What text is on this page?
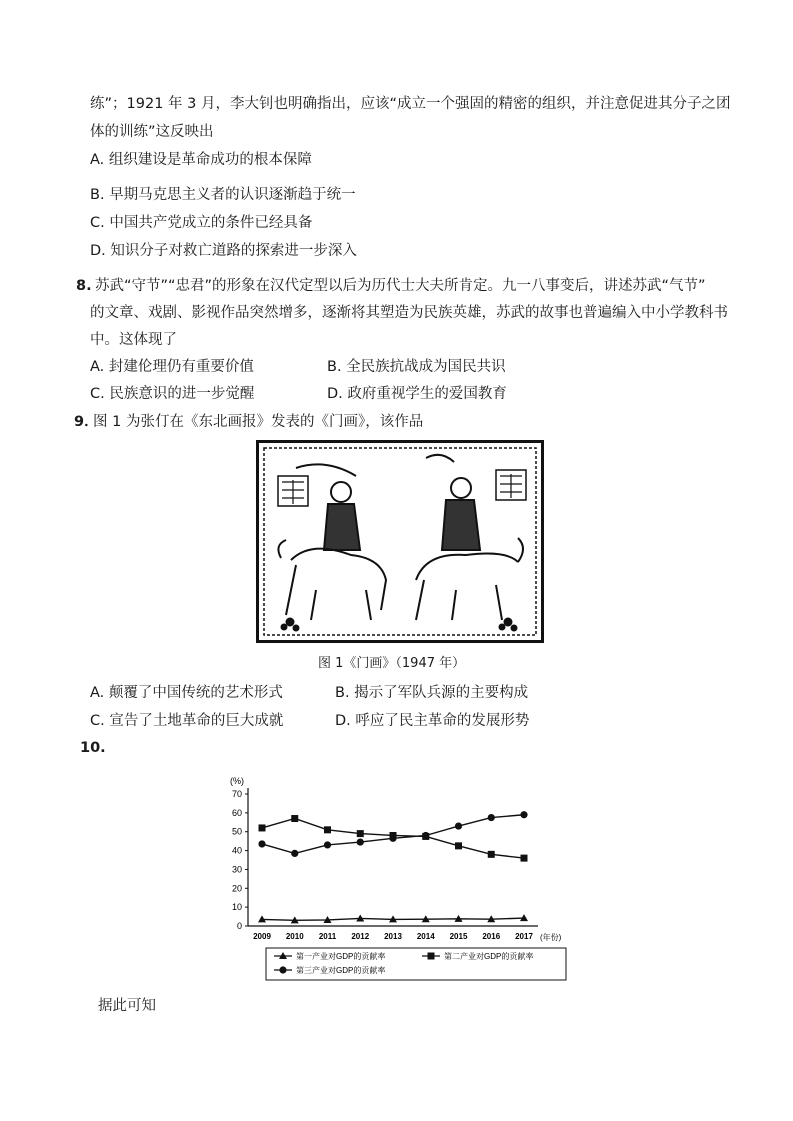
练”；1921 年 3 月，李大钊也明确指出，应该“成立一个强固的精密的组织，并注意促进其分子之团
体的训练”这反映出
A. 组织建设是革命成功的根本保障
B. 早期马克思主义者的认识逐渐趋于统一
C. 中国共产党成立的条件已经具备
D. 知识分子对救亡道路的探索进一步深入
8. 苏武“守节”“忠君”的形象在汉代定型以后为历代士大夫所肯定。九一八事变后，讲述苏武“气节”
的文章、戏剧、影视作品突然增多，逐渐将其塑造为民族英雄，苏武的故事也普遍编入中小学教科书
中。这体现了
A. 封建伦理仍有重要价值	B. 全民族抗战成为国民共识
C. 民族意识的进一步觉醒	D. 政府重视学生的爱国教育
9．
图 1 为张仃在《东北画报》发表的《门画》，该作品
图 1《门画》（1947 年）
A. 颠覆了中国传统的艺术形式	B. 揭示了军队兵源的主要构成
C. 宣告了土地革命的巨大成就	D. 呼应了民主革命的发展形势
10.
(%)
0
10
20
30
40
50
60
70
2009 2010 2011 2012 2013 2014 2015 2016 2017 (年份)
第一产业对GDP的贡献率	第二产业对GDP的贡献率
第三产业对GDP的贡献率
据此可知
